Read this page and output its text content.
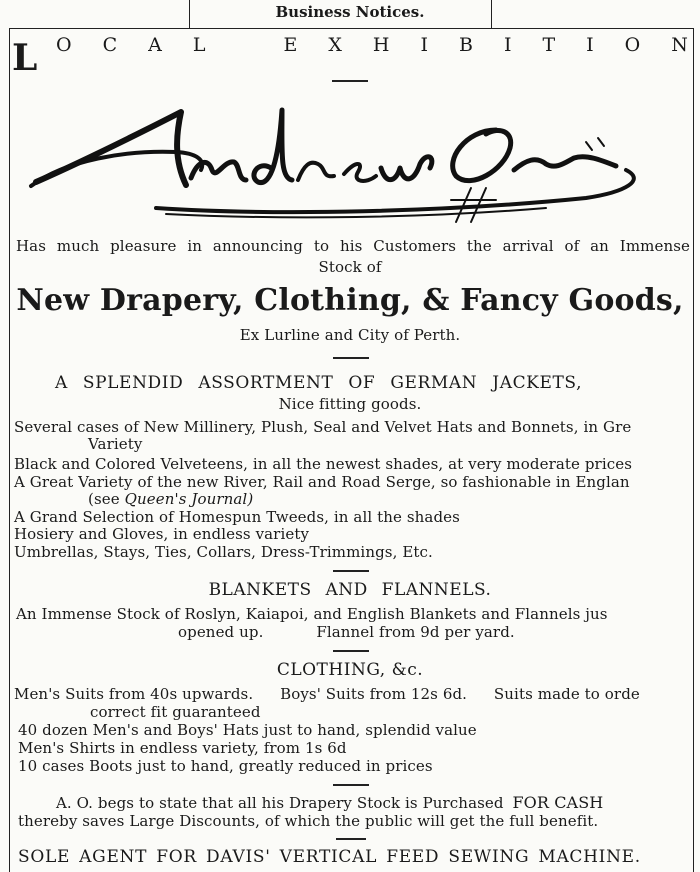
Business Notices.
L O C A L	E X H I B I T I O N
Has much pleasure in announcing to his Customers the arrival of an Immense
Stock of
New Drapery, Clothing, & Fancy Goods,
Ex Lurline and City of Perth.
A SPLENDID ASSORTMENT OF GERMAN JACKETS,
Nice fitting goods.
Several cases of New Millinery, Plush, Seal and Velvet Hats and Bonnets, in Gre
Variety
Black and Colored Velveteens, in all the newest shades, at very moderate prices
A Great Variety of the new River, Rail and Road Serge, so fashionable in Englan
(see Queen's Journal)
A Grand Selection of Homespun Tweeds, in all the shades
Hosiery and Gloves, in endless variety
Umbrellas, Stays, Ties, Collars, Dress-Trimmings, Etc.
BLANKETS AND FLANNELS.
An Immense Stock of Roslyn, Kaiapoi, and English Blankets and Flannels jus
opened up.	Flannel from 9d per yard.
CLOTHING, &c.
Men's Suits from 40s upwards. Boys' Suits from 12s 6d. Suits made to orde
correct fit guaranteed
40 dozen Men's and Boys' Hats just to hand, splendid value
Men's Shirts in endless variety, from 1s 6d
10 cases Boots just to hand, greatly reduced in prices
A. O. begs to state that all his Drapery Stock is Purchased FOR CASH
thereby saves Large Discounts, of which the public will get the full benefit.
SOLE AGENT FOR DAVIS' VERTICAL FEED SEWING MACHINE.
